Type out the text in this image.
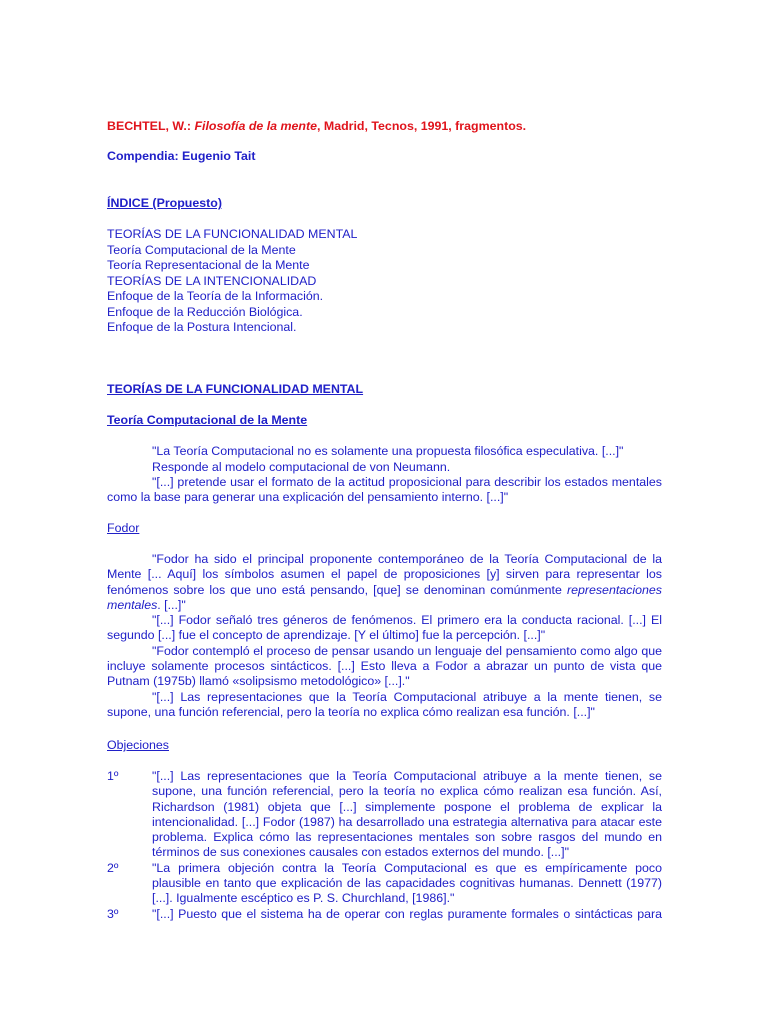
BECHTEL, W.: Filosofía de la mente, Madrid, Tecnos, 1991, fragmentos.
Compendia: Eugenio Tait
ÍNDICE (Propuesto)
TEORÍAS DE LA FUNCIONALIDAD MENTAL
Teoría Computacional de la Mente
Teoría Representacional de la Mente
TEORÍAS DE LA INTENCIONALIDAD
Enfoque de la Teoría de la Información.
Enfoque de la Reducción Biológica.
Enfoque de la Postura Intencional.
TEORÍAS DE LA FUNCIONALIDAD MENTAL
Teoría Computacional de la Mente

"La Teoría Computacional no es solamente una propuesta filosófica especulativa. [...]"

Responde al modelo computacional de von Neumann.

"[...] pretende usar el formato de la actitud proposicional para describir los estados mentales como la base para generar una explicación del pensamiento interno. [...]"

Fodor

"Fodor ha sido el principal proponente contemporáneo de la Teoría Computacional de la Mente [... Aquí] los símbolos asumen el papel de proposiciones [y] sirven para representar los fenómenos sobre los que uno está pensando, [que] se denominan comúnmente representaciones mentales. [...]"

"[...] Fodor señaló tres géneros de fenómenos. El primero era la conducta racional. [...] El segundo [...] fue el concepto de aprendizaje. [Y el último] fue la percepción. [...]"

"Fodor contempló el proceso de pensar usando un lenguaje del pensamiento como algo que incluye solamente procesos sintácticos. [...] Esto lleva a Fodor a abrazar un punto de vista que Putnam (1975b) llamó «solipsismo metodológico» [...]."

"[...] Las representaciones que la Teoría Computacional atribuye a la mente tienen, se supone, una función referencial, pero la teoría no explica cómo realizan esa función. [...]"

Objeciones
1º	"[...] Las representaciones que la Teoría Computacional atribuye a la mente tienen, se supone, una función referencial, pero la teoría no explica cómo realizan esa función. Así, Richardson (1981) objeta que [...] simplemente pospone el problema de explicar la intencionalidad. [...] Fodor (1987) ha desarrollado una estrategia alternativa para atacar este problema. Explica cómo las representaciones mentales son sobre rasgos del mundo en términos de sus conexiones causales con estados externos del mundo. [...]"
2º	"La primera objeción contra la Teoría Computacional es que es empíricamente poco plausible en tanto que explicación de las capacidades cognitivas humanas. Dennett (1977) [...]. Igualmente escéptico es P. S. Churchland, [1986]."
3º	"[...] Puesto que el sistema ha de operar con reglas puramente formales o sintácticas para
